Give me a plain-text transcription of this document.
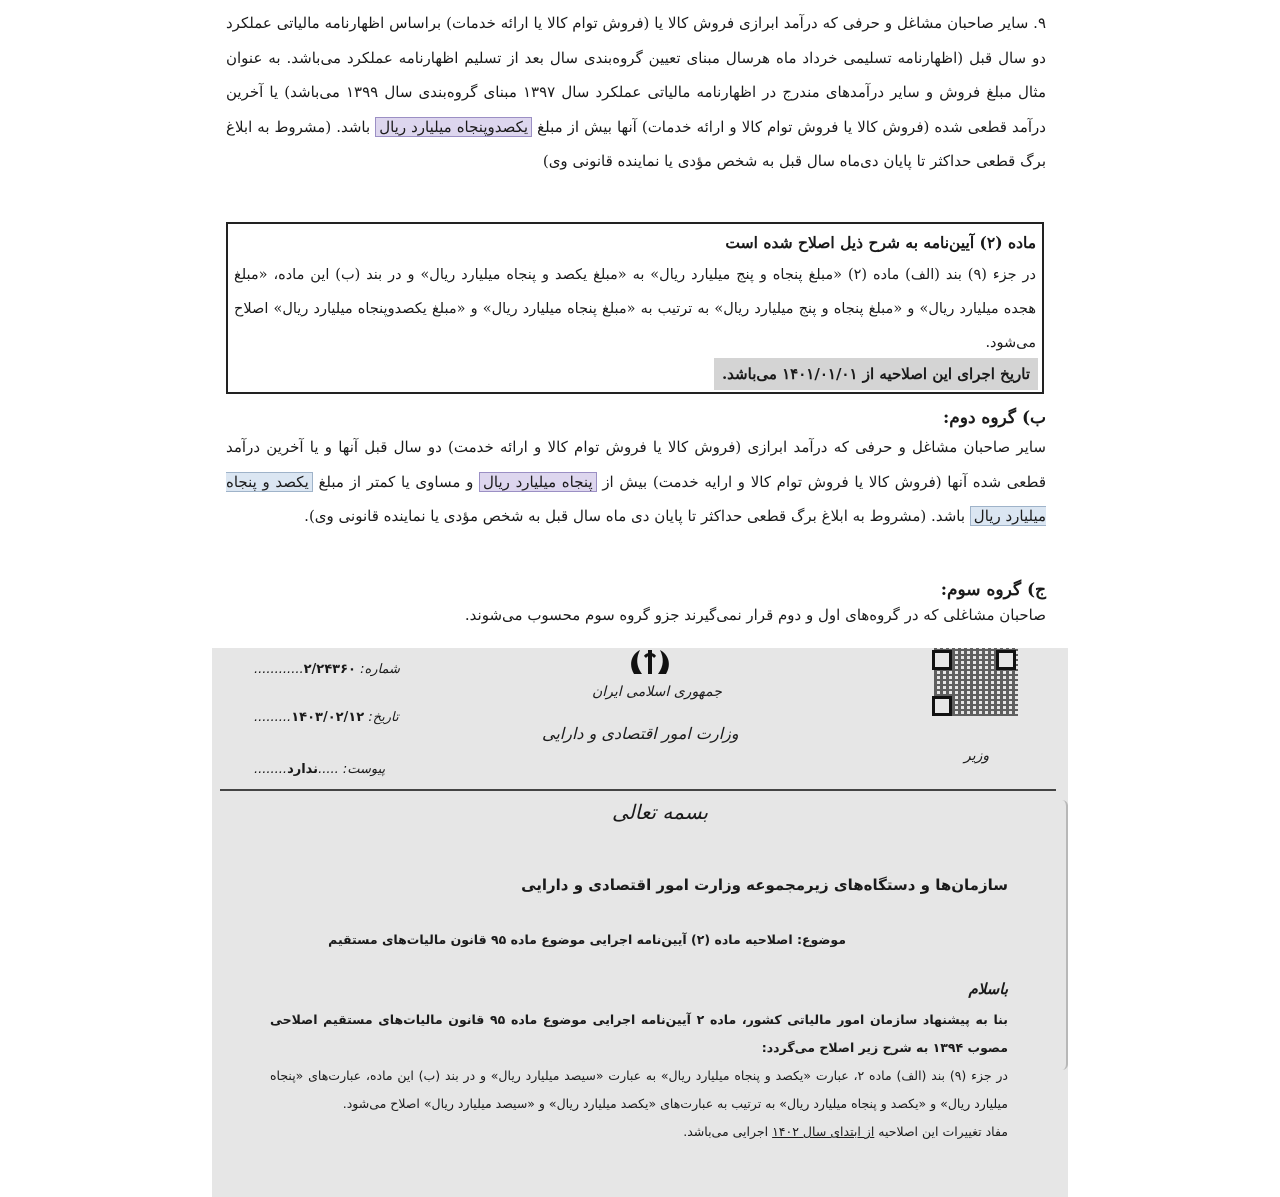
۹. سایر صاحبان مشاغل و حرفی که درآمد ابرازی فروش کالا یا (فروش توام کالا یا ارائه خدمات) براساس اظهارنامه مالیاتی عملکرد دو سال قبل (اظهارنامه تسلیمی خرداد ماه هرسال مبنای تعیین گروه‌بندی سال بعد از تسلیم اظهارنامه عملکرد می‌باشد. به عنوان مثال مبلغ فروش و سایر درآمدهای مندرج در اظهارنامه مالیاتی عملکرد سال ۱۳۹۷ مبنای گروه‌بندی سال ۱۳۹۹ می‌باشد) یا آخرین درآمد قطعی شده (فروش کالا یا فروش توام کالا و ارائه خدمات) آنها بیش از مبلغ یکصدوپنجاه میلیارد ریال باشد. (مشروط به ابلاغ برگ قطعی حداکثر تا پایان دی‌ماه سال قبل به شخص مؤدی یا نماینده قانونی وی)

ماده (۲) آیین‌نامه به شرح ذیل اصلاح شده است
در جزء (۹) بند (الف) ماده (۲) «مبلغ پنجاه و پنج میلیارد ریال» به «مبلغ یکصد و پنجاه میلیارد ریال» و در بند (ب) این ماده، «مبلغ هجده میلیارد ریال» و «مبلغ پنجاه و پنج میلیارد ریال» به ترتیب به «مبلغ پنجاه میلیارد ریال» و «مبلغ یکصدوپنجاه میلیارد ریال» اصلاح می‌شود.
تاریخ اجرای این اصلاحیه از ۱۴۰۱/۰۱/۰۱ می‌باشد.

ب) گروه دوم:

سایر صاحبان مشاغل و حرفی که درآمد ابرازی (فروش کالا یا فروش توام کالا و ارائه خدمت) دو سال قبل آنها و یا آخرین درآمد قطعی شده آنها (فروش کالا یا فروش توام کالا و ارایه خدمت) بیش از پنجاه میلیارد ریال و مساوی یا کمتر از مبلغ یکصد و پنجاه میلیارد ریال باشد. (مشروط به ابلاغ برگ قطعی حداکثر تا پایان دی ماه سال قبل به شخص مؤدی یا نماینده قانونی وی).

ج) گروه سوم:

صاحبان مشاغلی که در گروه‌های اول و دوم قرار نمی‌گیرند جزو گروه سوم محسوب می‌شوند.

جمهوری اسلامی ایران
وزارت امور اقتصادی و دارایی
وزیر
شماره: ۲/۲۴۳۶۰............
تاریخ: ۱۴۰۳/۰۲/۱۲.........
پیوست: .....ندارد........
بسمه تعالی
سازمان‌ها و دستگاه‌های زیرمجموعه وزارت امور اقتصادی و دارایی
موضوع: اصلاحیه ماده (۲) آیین‌نامه اجرایی موضوع ماده ۹۵ قانون مالیات‌های مستقیم
باسلام

بنا به پیشنهاد سازمان امور مالیاتی کشور، ماده ۲ آیین‌نامه اجرایی موضوع ماده ۹۵ قانون مالیات‌های مستقیم اصلاحی مصوب ۱۳۹۴ به شرح زیر اصلاح می‌گردد:

در جزء (۹) بند (الف) ماده ۲، عبارت «یکصد و پنجاه میلیارد ریال» به عبارت «سیصد میلیارد ریال» و در بند (ب) این ماده، عبارت‌های «پنجاه میلیارد ریال» و «یکصد و پنجاه میلیارد ریال» به ترتیب به عبارت‌های «یکصد میلیارد ریال» و «سیصد میلیارد ریال» اصلاح می‌شود.

مفاد تغییرات این اصلاحیه از ابتدای سال ۱۴۰۲ اجرایی می‌باشد.
